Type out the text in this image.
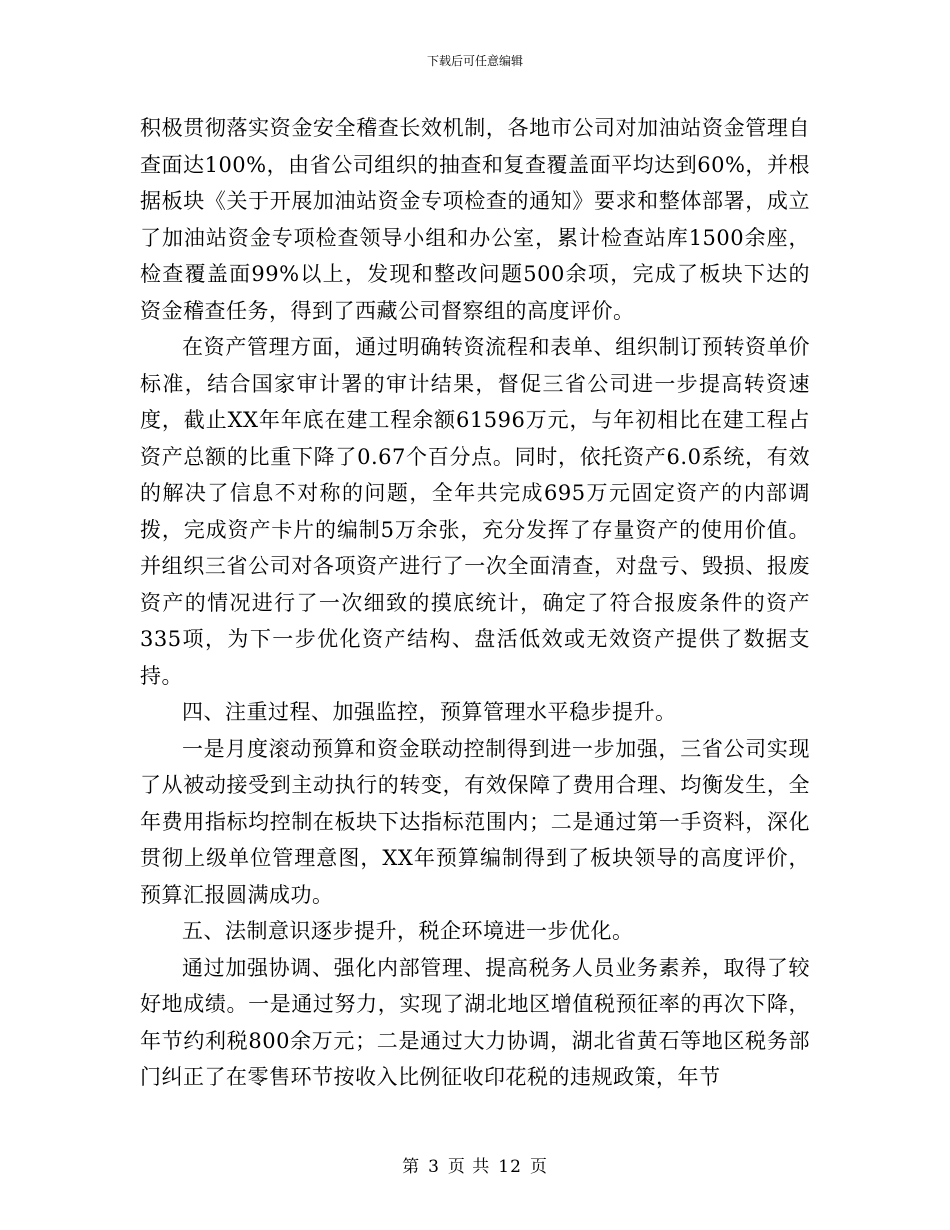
下载后可任意编辑

积极贯彻落实资金安全稽查长效机制，各地市公司对加油站资金管理自查面达100%，由省公司组织的抽查和复查覆盖面平均达到60%，并根据板块《关于开展加油站资金专项检查的通知》要求和整体部署，成立了加油站资金专项检查领导小组和办公室，累计检查站库1500余座，检查覆盖面99%以上，发现和整改问题500余项，完成了板块下达的资金稽查任务，得到了西藏公司督察组的高度评价。

在资产管理方面，通过明确转资流程和表单、组织制订预转资单价标准，结合国家审计署的审计结果，督促三省公司进一步提高转资速度，截止XX年年底在建工程余额61596万元，与年初相比在建工程占资产总额的比重下降了0.67个百分点。同时，依托资产6.0系统，有效的解决了信息不对称的问题，全年共完成695万元固定资产的内部调拨，完成资产卡片的编制5万余张，充分发挥了存量资产的使用价值。并组织三省公司对各项资产进行了一次全面清查，对盘亏、毁损、报废资产的情况进行了一次细致的摸底统计，确定了符合报废条件的资产335项，为下一步优化资产结构、盘活低效或无效资产提供了数据支持。

四、注重过程、加强监控，预算管理水平稳步提升。

一是月度滚动预算和资金联动控制得到进一步加强，三省公司实现了从被动接受到主动执行的转变，有效保障了费用合理、均衡发生，全年费用指标均控制在板块下达指标范围内；二是通过第一手资料，深化贯彻上级单位管理意图，XX年预算编制得到了板块领导的高度评价，预算汇报圆满成功。

五、法制意识逐步提升，税企环境进一步优化。

通过加强协调、强化内部管理、提高税务人员业务素养，取得了较好地成绩。一是通过努力，实现了湖北地区增值税预征率的再次下降，年节约利税800余万元；二是通过大力协调，湖北省黄石等地区税务部门纠正了在零售环节按收入比例征收印花税的违规政策，年节

第 3 页 共 12 页
